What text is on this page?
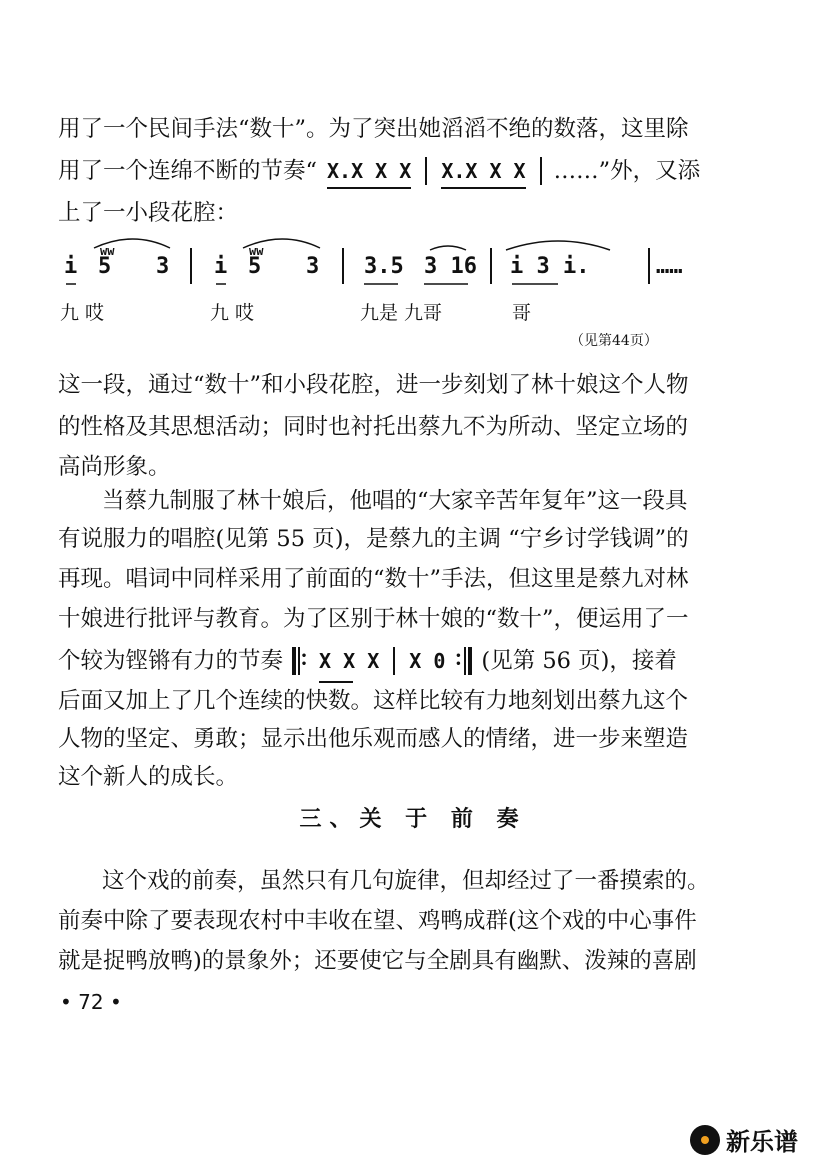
用了一个民间手法“数十”。为了突出她滔滔不绝的数落，这里除
用了一个连绵不断的节奏“ X.X X X	X.X X X ……”外，又添
上了一小段花腔：
i
ww
5 3 i
ww
5 3 3.5 3 16 i 3 i.	……
九 哎	九 哎	九是 九哥	哥
（见第44页）
这一段，通过“数十”和小段花腔，进一步刻划了林十娘这个人物
的性格及其思想活动；同时也衬托出蔡九不为所动、坚定立场的
高尚形象。
当蔡九制服了林十娘后，他唱的“大家辛苦年复年”这一段具
有说服力的唱腔(见第 55 页)，是蔡九的主调 “宁乡讨学钱调”的
再现。唱词中同样采用了前面的“数十”手法，但这里是蔡九对林
十娘进行批评与教育。为了区别于林十娘的“数十”，便运用了一
个较为铿锵有力的节奏 •
• X X X	X 0	•
• (见第 56 页)，接着
后面又加上了几个连续的快数。这样比较有力地刻划出蔡九这个
人物的坚定、勇敢；显示出他乐观而感人的情绪，进一步来塑造
这个新人的成长。
三、关 于 前 奏
这个戏的前奏，虽然只有几句旋律，但却经过了一番摸索的。
前奏中除了要表现农村中丰收在望、鸡鸭成群(这个戏的中心事件
就是捉鸭放鸭)的景象外；还要使它与全剧具有幽默、泼辣的喜剧
• 72 •
新乐谱
